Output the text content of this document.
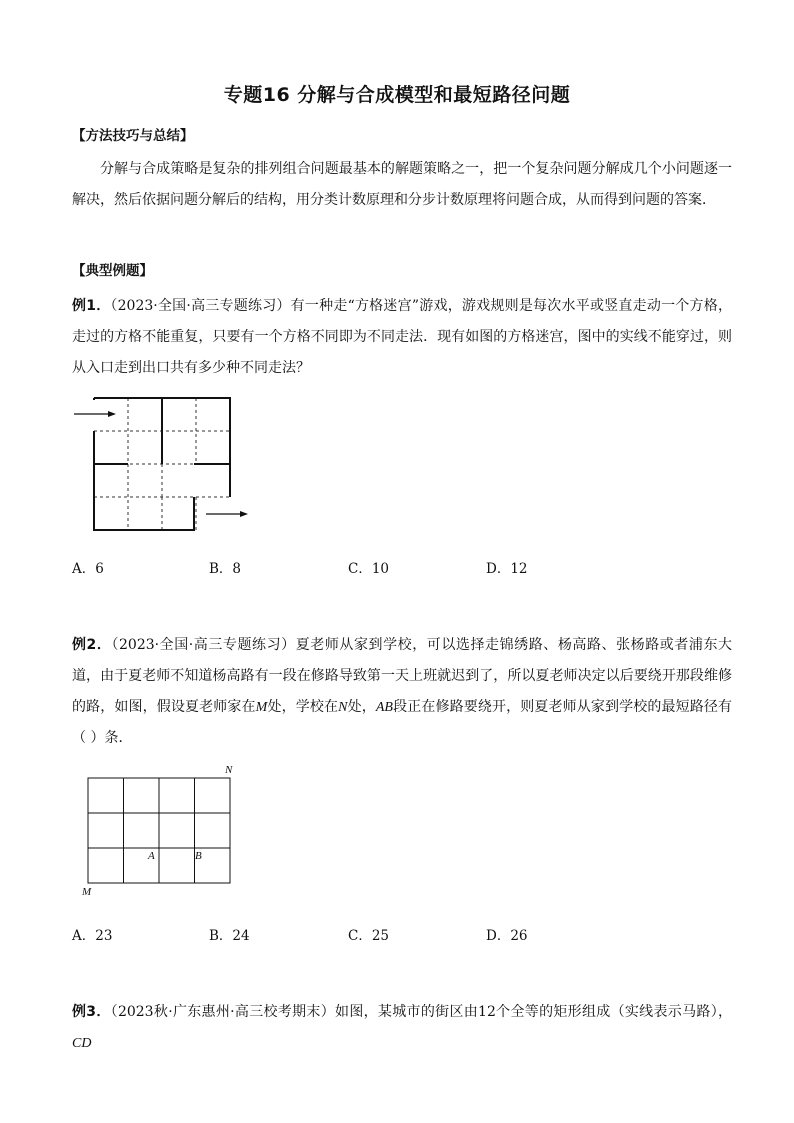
专题16 分解与合成模型和最短路径问题
【方法技巧与总结】
分解与合成策略是复杂的排列组合问题最基本的解题策略之一，把一个复杂问题分解成几个小问题逐一解决，然后依据问题分解后的结构，用分类计数原理和分步计数原理将问题合成，从而得到问题的答案．
【典型例题】
例1．（2023·全国·高三专题练习）有一种走“方格迷宫”游戏，游戏规则是每次水平或竖直走动一个方格，走过的方格不能重复，只要有一个方格不同即为不同走法．现有如图的方格迷宫，图中的实线不能穿过，则从入口走到出口共有多少种不同走法？
A．6	B．8	C．10	D．12
例2．（2023·全国·高三专题练习）夏老师从家到学校，可以选择走锦绣路、杨高路、张杨路或者浦东大道，由于夏老师不知道杨高路有一段在修路导致第一天上班就迟到了，所以夏老师决定以后要绕开那段维修的路，如图，假设夏老师家在M处，学校在N处，AB段正在修路要绕开，则夏老师从家到学校的最短路径有（ ）条．
N
M
A	B
A．23	B．24	C．25	D．26
例3．（2023秋·广东惠州·高三校考期末）如图，某城市的街区由12个全等的矩形组成（实线表示马路），CD
